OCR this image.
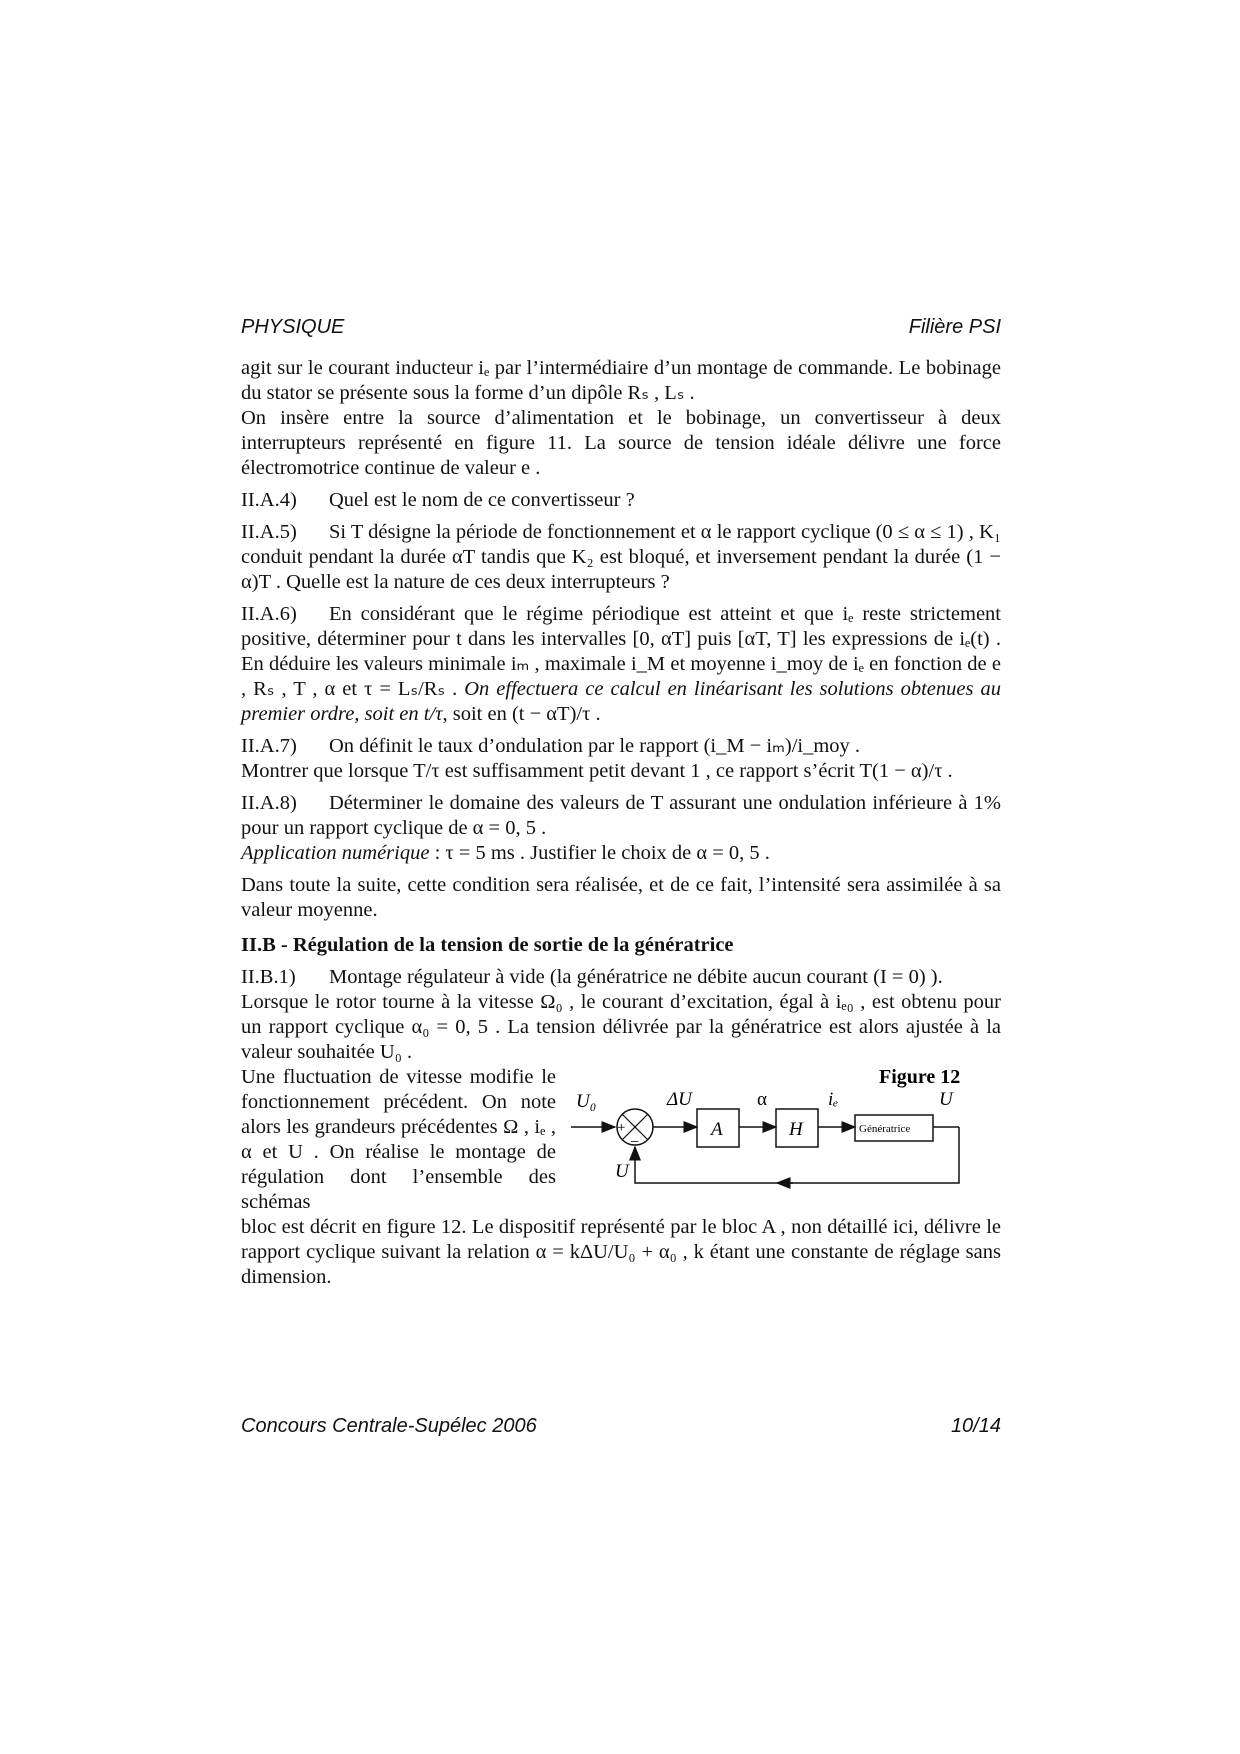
PHYSIQUE	Filière PSI

agit sur le courant inducteur iₑ par l’intermédiaire d’un montage de commande. Le bobinage du stator se présente sous la forme d’un dipôle Rₛ , Lₛ .

On insère entre la source d’alimentation et le bobinage, un convertisseur à deux interrupteurs représenté en figure 11. La source de tension idéale délivre une force électromotrice continue de valeur e .

II.A.4) Quel est le nom de ce convertisseur ?

II.A.5) Si T désigne la période de fonctionnement et α le rapport cyclique (0 ≤ α ≤ 1) , K₁ conduit pendant la durée αT tandis que K₂ est bloqué, et inversement pendant la durée (1 − α)T . Quelle est la nature de ces deux interrupteurs ?

II.A.6) En considérant que le régime périodique est atteint et que iₑ reste strictement positive, déterminer pour t dans les intervalles [0, αT] puis [αT, T] les expressions de iₑ(t) . En déduire les valeurs minimale iₘ , maximale i_M et moyenne i_moy de iₑ en fonction de e , Rₛ , T , α et τ = Lₛ/Rₛ . On effectuera ce calcul en linéarisant les solutions obtenues au premier ordre, soit en t/τ, soit en (t − αT)/τ .

II.A.7) On définit le taux d’ondulation par le rapport (i_M − iₘ)/i_moy .

Montrer que lorsque T/τ est suffisamment petit devant 1 , ce rapport s’écrit T(1 − α)/τ .

II.A.8) Déterminer le domaine des valeurs de T assurant une ondulation inférieure à 1% pour un rapport cyclique de α = 0, 5 .

Application numérique : τ = 5 ms . Justifier le choix de α = 0, 5 .

Dans toute la suite, cette condition sera réalisée, et de ce fait, l’intensité sera assimilée à sa valeur moyenne.

II.B - Régulation de la tension de sortie de la génératrice

II.B.1) Montage régulateur à vide (la génératrice ne débite aucun courant (I = 0) ).

Lorsque le rotor tourne à la vitesse Ω₀ , le courant d’excitation, égal à iₑ₀ , est obtenu pour un rapport cyclique α₀ = 0, 5 . La tension délivrée par la génératrice est alors ajustée à la valeur souhaitée U₀ .

Une fluctuation de vitesse modifie le fonctionnement précédent. On note alors les grandeurs précédentes Ω , iₑ , α et U . On réalise le montage de régulation dont l’ensemble des schémas

Figure 12
U₀
+
−
ΔU
A
α
H
iₑ
Génératrice
U
U

bloc est décrit en figure 12. Le dispositif représenté par le bloc A , non détaillé ici, délivre le rapport cyclique suivant la relation α = kΔU/U₀ + α₀ , k étant une constante de réglage sans dimension.

Concours Centrale-Supélec 2006	10/14
